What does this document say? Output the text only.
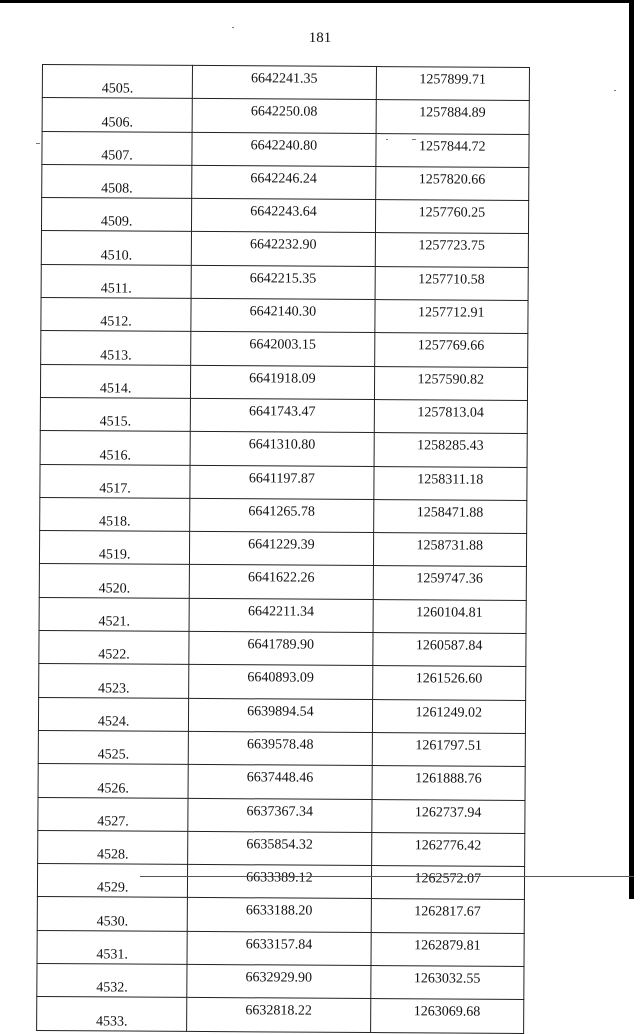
181
4505.	6642241.35	1257899.71
4506.	6642250.08	1257884.89
4507.	6642240.80	1257844.72
4508.	6642246.24	1257820.66
4509.	6642243.64	1257760.25
4510.	6642232.90	1257723.75
4511.	6642215.35	1257710.58
4512.	6642140.30	1257712.91
4513.	6642003.15	1257769.66
4514.	6641918.09	1257590.82
4515.	6641743.47	1257813.04
4516.	6641310.80	1258285.43
4517.	6641197.87	1258311.18
4518.	6641265.78	1258471.88
4519.	6641229.39	1258731.88
4520.	6641622.26	1259747.36
4521.	6642211.34	1260104.81
4522.	6641789.90	1260587.84
4523.	6640893.09	1261526.60
4524.	6639894.54	1261249.02
4525.	6639578.48	1261797.51
4526.	6637448.46	1261888.76
4527.	6637367.34	1262737.94
4528.	6635854.32	1262776.42
4529.	6633389.12	1262572.07
4530.	6633188.20	1262817.67
4531.	6633157.84	1262879.81
4532.	6632929.90	1263032.55
4533.	6632818.22	1263069.68
